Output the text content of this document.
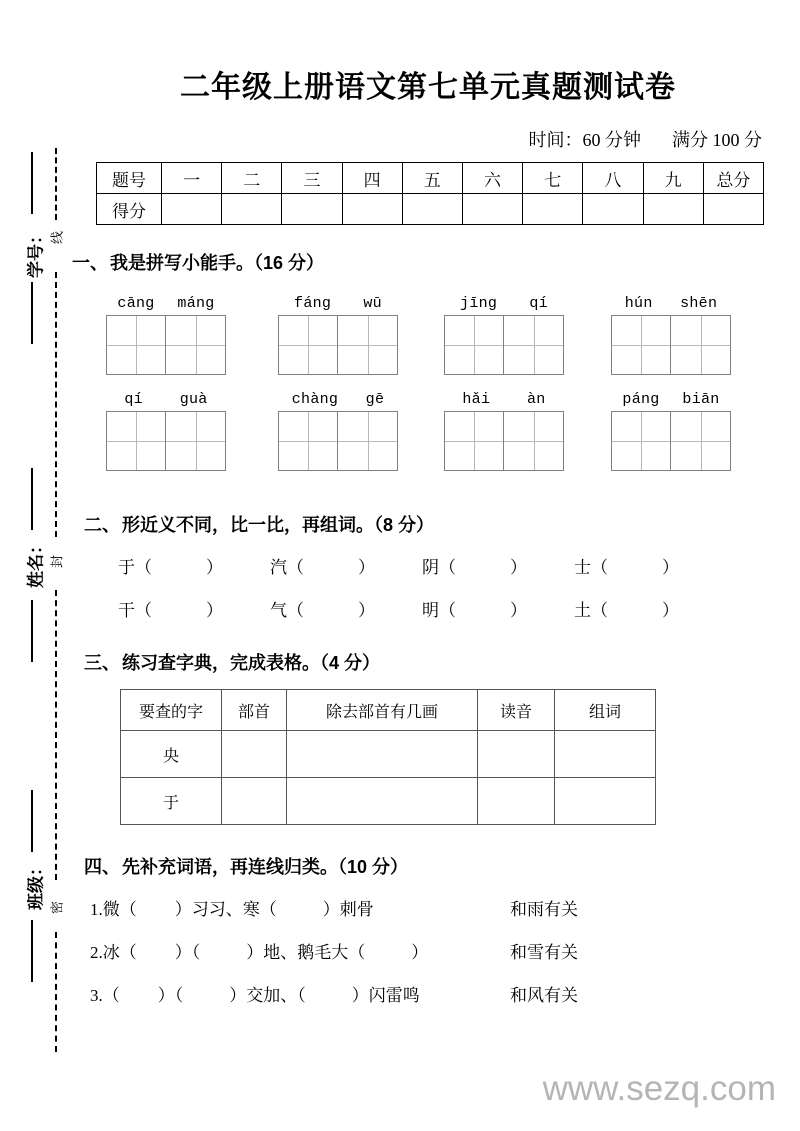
线
封
密
学号：
姓名：
班级：
二年级上册语文第七单元真题测试卷
时间：60 分钟 满分 100 分
题号	一	二	三	四	五	六	七	八	九	总分
得分										
一、 我是拼写小能手。（16 分）
cāng máng	fáng wū	jīng qí	hún shēn
qí guà	chàng gē	hǎi àn	páng biān
二、 形近义不同，比一比，再组词。（8 分）
于（	）	汽（	）	阴（	）	士（	）
干（	）	气（	）	明（	）	土（	）
三、 练习查字典，完成表格。（4 分）
要查的字	部首	除去部首有几画	读音	组词
央				
于				
四、 先补充词语，再连线归类。（10 分）
1.微（ ）习习、寒（	）刺骨	和雨有关
2.冰（ ）（	）地、鹅毛大（	）	和雪有关
3.（ ）（	）交加、（	）闪雷鸣	和风有关
www.sezq.com
